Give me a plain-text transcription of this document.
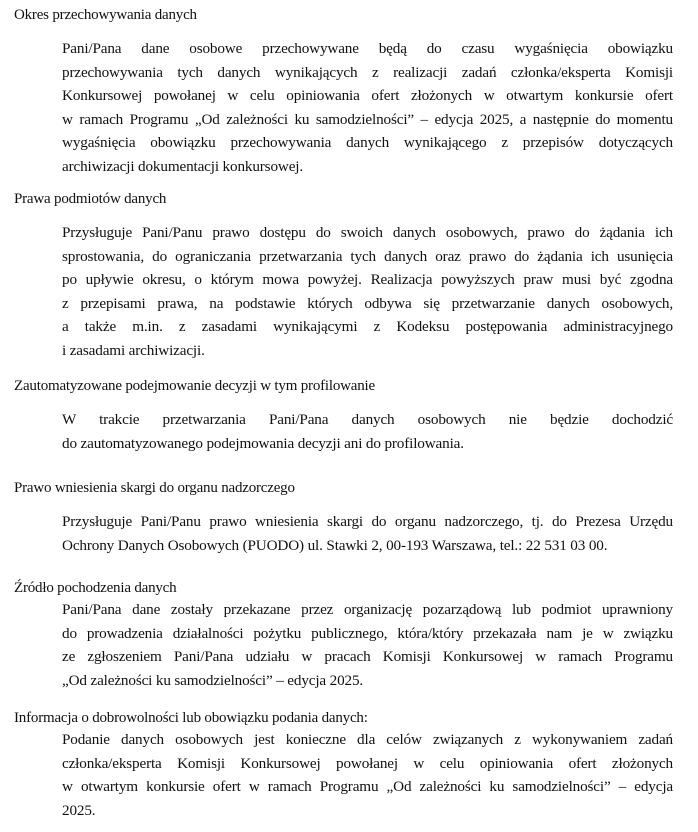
Okres przechowywania danych
Pani/Pana dane osobowe przechowywane będą do czasu wygaśnięcia obowiązku
przechowywania tych danych wynikających z realizacji zadań członka/eksperta Komisji
Konkursowej powołanej w celu opiniowania ofert złożonych w otwartym konkursie ofert
w ramach Programu „Od zależności ku samodzielności” – edycja 2025, a następnie do momentu
wygaśnięcia obowiązku przechowywania danych wynikającego z przepisów dotyczących
archiwizacji dokumentacji konkursowej.
Prawa podmiotów danych
Przysługuje Pani/Panu prawo dostępu do swoich danych osobowych, prawo do żądania ich
sprostowania, do ograniczania przetwarzania tych danych oraz prawo do żądania ich usunięcia
po upływie okresu, o którym mowa powyżej. Realizacja powyższych praw musi być zgodna
z przepisami prawa, na podstawie których odbywa się przetwarzanie danych osobowych,
a także m.in. z zasadami wynikającymi z Kodeksu postępowania administracyjnego
i zasadami archiwizacji.
Zautomatyzowane podejmowanie decyzji w tym profilowanie
W trakcie przetwarzania Pani/Pana danych osobowych nie będzie dochodzić
do zautomatyzowanego podejmowania decyzji ani do profilowania.
Prawo wniesienia skargi do organu nadzorczego
Przysługuje Pani/Panu prawo wniesienia skargi do organu nadzorczego, tj. do Prezesa Urzędu
Ochrony Danych Osobowych (PUODO) ul. Stawki 2, 00-193 Warszawa, tel.: 22 531 03 00.
Źródło pochodzenia danych
Pani/Pana dane zostały przekazane przez organizację pozarządową lub podmiot uprawniony
do prowadzenia działalności pożytku publicznego, która/który przekazała nam je w związku
ze zgłoszeniem Pani/Pana udziału w pracach Komisji Konkursowej w ramach Programu
„Od zależności ku samodzielności” – edycja 2025.
Informacja o dobrowolności lub obowiązku podania danych:
Podanie danych osobowych jest konieczne dla celów związanych z wykonywaniem zadań
członka/eksperta Komisji Konkursowej powołanej w celu opiniowania ofert złożonych
w otwartym konkursie ofert w ramach Programu „Od zależności ku samodzielności” – edycja
2025.
